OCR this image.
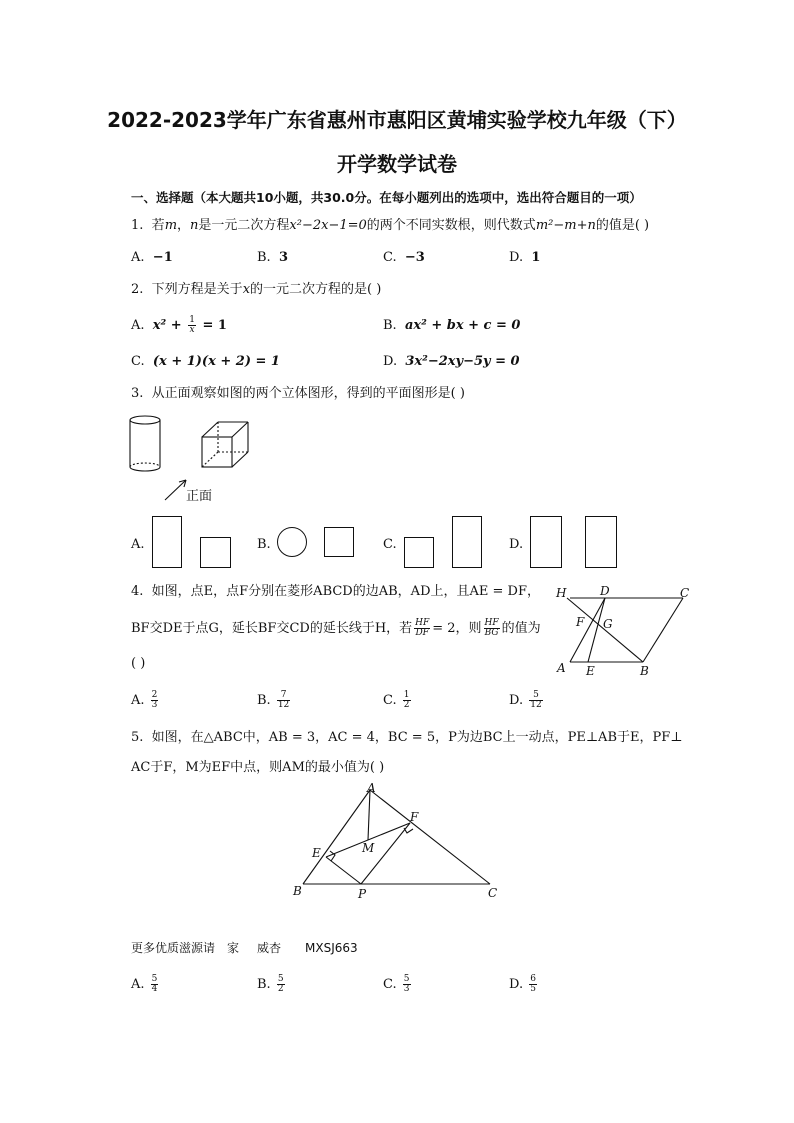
2022-2023学年广东省惠州市惠阳区黄埔实验学校九年级（下）
开学数学试卷
一、选择题（本大题共10小题，共30.0分。在每小题列出的选项中，选出符合题目的一项）
1. 若m，n是一元二次方程x²−2x−1=0的两个不同实数根，则代数式m²−m+n的值是( )
A. −1	B. 3	C. −3	D. 1
2. 下列方程是关于x的一元二次方程的是( )
A. $x^2 + \frac{1}{x} = 1$	B. ax² + bx + c = 0
C. (x + 1)(x + 2) = 1	D. 3x²−2xy−5y = 0
3. 从正面观察如图的两个立体图形，得到的平面图形是( )
正面
A.	B.	C.	D.
4. 如图，点E，点F分别在菱形ABCD的边AB，AD上，且AE = DF，
BF交DE于点G，延长BF交CD的延长线于H，若 $\frac{HF}{DF} = 2$，则 $\frac{HF}{BG}$ 的值为
( )
H	D	C
F G
A E	B
A. $\frac{2}{3}$	B. $\frac{7}{12}$	C. $\frac{1}{2}$	D. $\frac{5}{12}$
5. 如图，在△ABC中，AB = 3，AC = 4，BC = 5，P为边BC上一动点，PE⊥AB于E，PF⊥
AC于F，M为EF中点，则AM的最小值为( )
A
F
E	M
B	P	C
更多优质滋源请 家 威杏 MXSJ663
A. $\frac{5}{4}$	B. $\frac{5}{2}$	C. $\frac{5}{3}$	D. $\frac{6}{5}$
